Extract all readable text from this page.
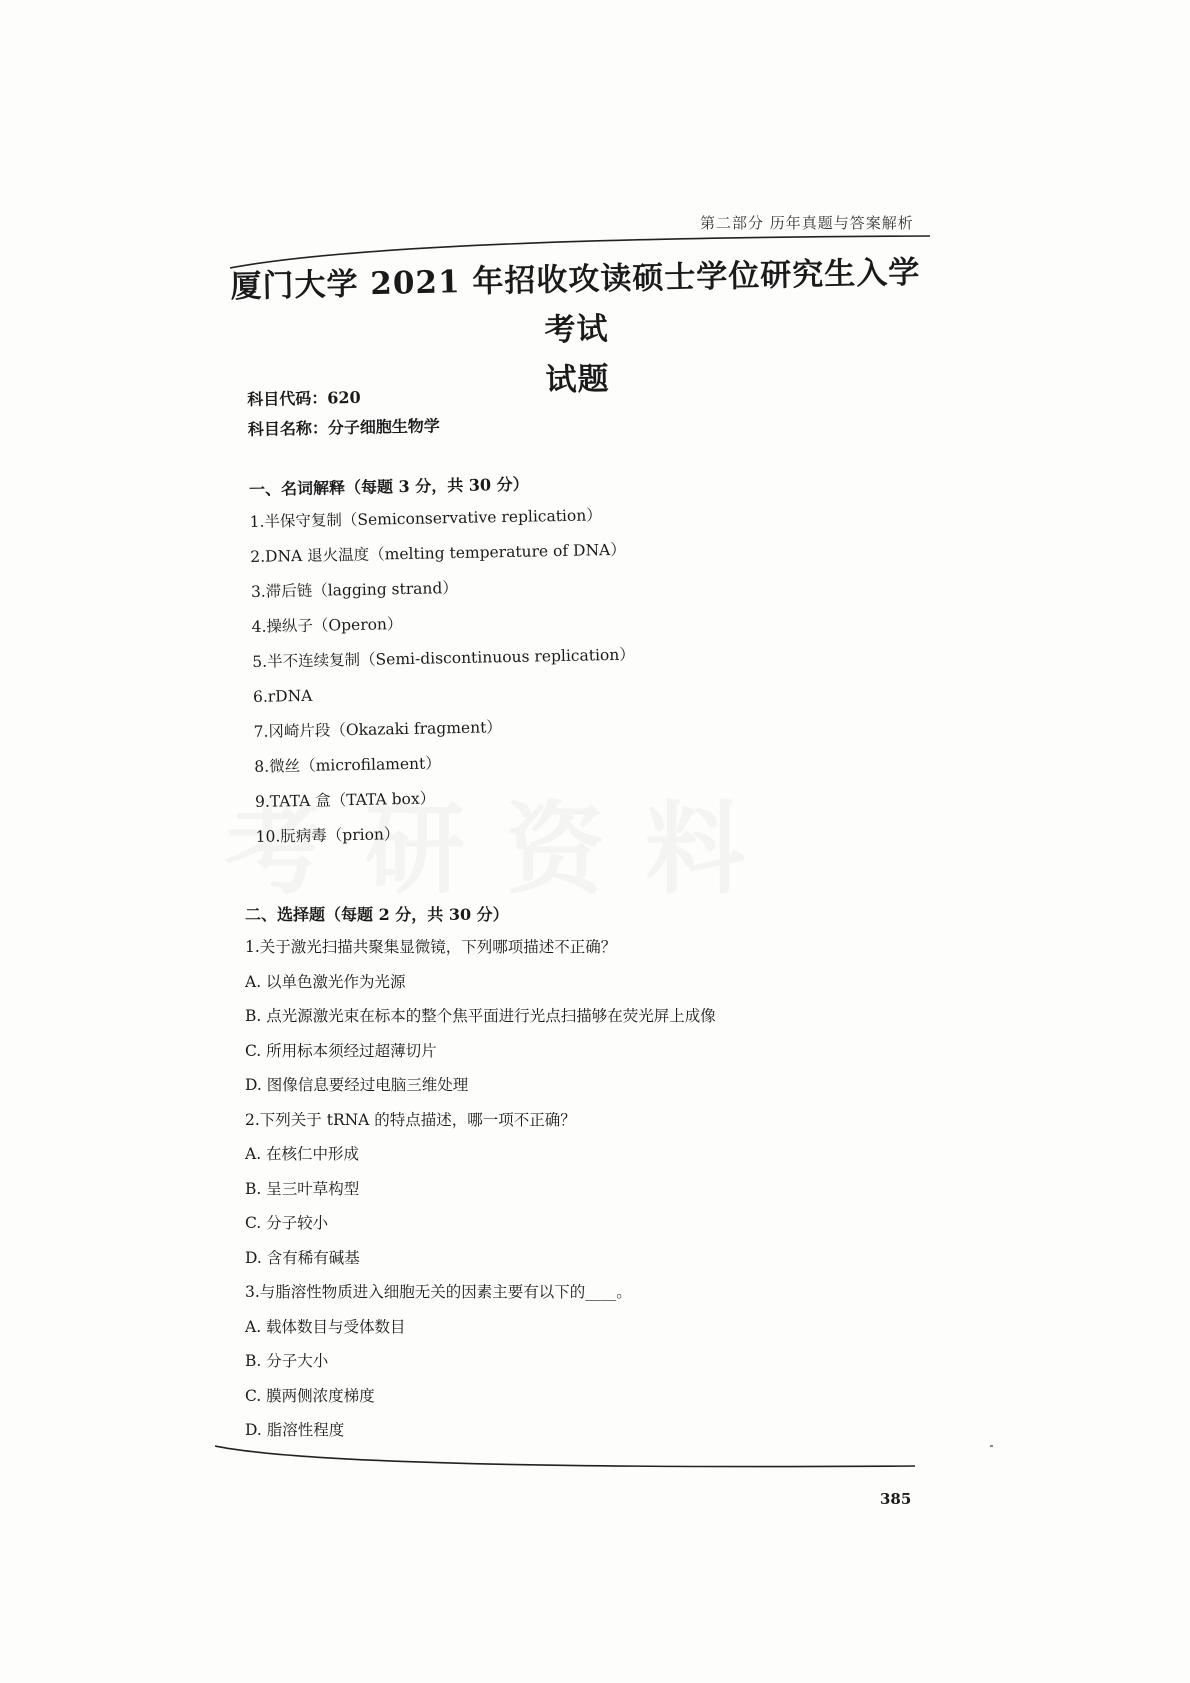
第二部分 历年真题与答案解析
厦门大学 2021 年招收攻读硕士学位研究生入学考试
试题
科目代码：620
科目名称：分子细胞生物学
一、名词解释（每题 3 分，共 30 分）
1.半保守复制（Semiconservative replication）
2.DNA 退火温度（melting temperature of DNA）
3.滞后链（lagging strand）
4.操纵子（Operon）
5.半不连续复制（Semi-discontinuous replication）
6.rDNA
7.冈崎片段（Okazaki fragment）
8.微丝（microfilament）
9.TATA 盒（TATA box）
10.朊病毒（prion）
二、选择题（每题 2 分，共 30 分）
1.关于激光扫描共聚集显微镜，下列哪项描述不正确？
A. 以单色激光作为光源
B. 点光源激光束在标本的整个焦平面进行光点扫描够在荧光屏上成像
C. 所用标本须经过超薄切片
D. 图像信息要经过电脑三维处理
2.下列关于 tRNA 的特点描述，哪一项不正确？
A. 在核仁中形成
B. 呈三叶草构型
C. 分子较小
D. 含有稀有碱基
3.与脂溶性物质进入细胞无关的因素主要有以下的____。
A. 载体数目与受体数目
B. 分子大小
C. 膜两侧浓度梯度
D. 脂溶性程度
385
